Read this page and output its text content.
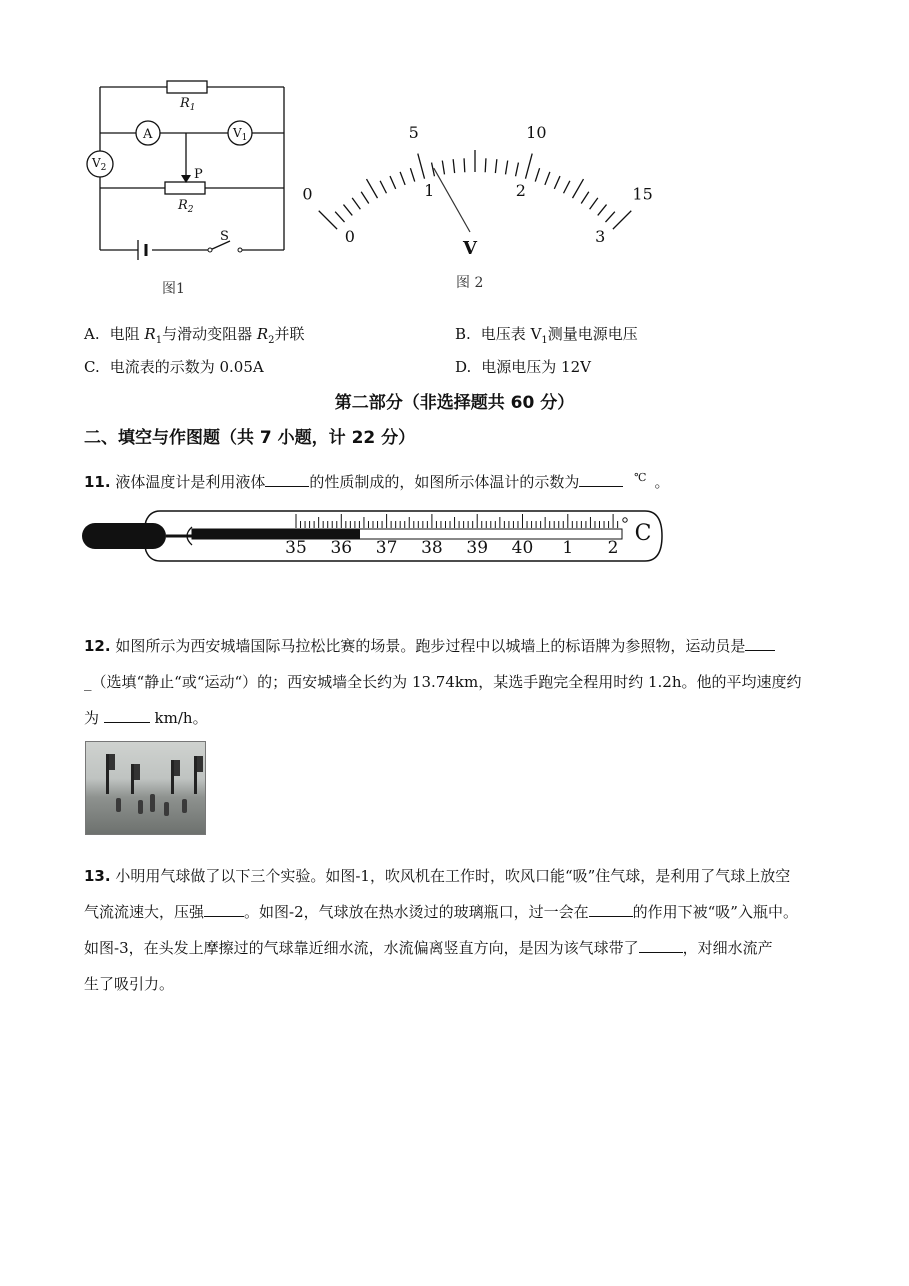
$R_1$
A	$V_1$
$V_2$	P
$R_2$
S
图1
0
5	10
15
0
1	2
3
V
图 2
A. 电阻 $R_1$与滑动变阻器 $R_2$并联	B. 电压表 $V_1$测量电源电压
C. 电流表的示数为 0.05A	D. 电源电压为 12V
第二部分（非选择题共 60 分）
二、填空与作图题（共 7 小题，计 22 分）
11. 液体温度计是利用液体	的性质制成的，如图所示体温计的示数为	℃ 。
35 36 37 38 39 40 1 2
C
12. 如图所示为西安城墙国际马拉松比赛的场景。跑步过程中以城墙上的标语牌为参照物，运动员是
_（选填“静止“或“运动“）的；西安城墙全长约为 13.74km，某选手跑完全程用时约 1.2h。他的平均速度约
为	km/h。
13. 小明用气球做了以下三个实验。如图-1，吹风机在工作时，吹风口能“吸”住气球，是利用了气球上放空
气流流速大，压强	。如图-2，气球放在热水烫过的玻璃瓶口，过一会在	的作用下被“吸”入瓶中。
如图-3，在头发上摩擦过的气球靠近细水流，水流偏离竖直方向，是因为该气球带了	，对细水流产
生了吸引力。
